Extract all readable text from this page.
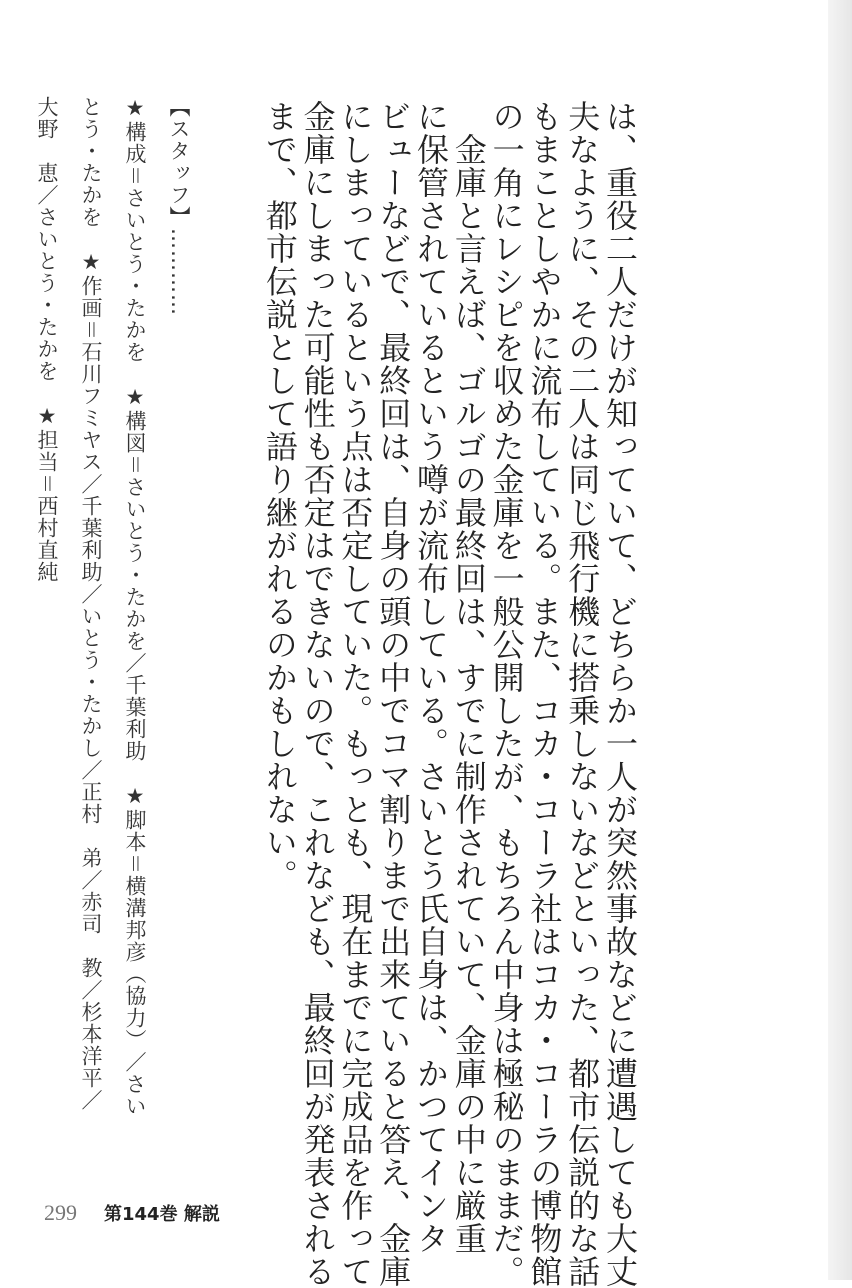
は、重役二人だけが知っていて、どちらか一人が突然事故などに遭遇しても大丈
夫なように、その二人は同じ飛行機に搭乗しないなどといった、都市伝説的な話
もまことしやかに流布している。また、コカ・コーラ社はコカ・コーラの博物館
の一角にレシピを収めた金庫を一般公開したが、もちろん中身は極秘のままだ。
　金庫と言えば、ゴルゴの最終回は、すでに制作されていて、金庫の中に厳重
に保管されているという噂が流布している。さいとう氏自身は、かつてインタ
ビューなどで、最終回は、自身の頭の中でコマ割りまで出来ていると答え、金庫
にしまっているという点は否定していた。もっとも、現在までに完成品を作って
金庫にしまった可能性も否定はできないので、これなども、最終回が発表される
まで、都市伝説として語り継がれるのかもしれない。
【スタッフ】…………
★構成＝さいとう・たかを　★構図＝さいとう・たかを／千葉利助　★脚本＝横溝邦彦（協力）／さい
とう・たかを　★作画＝石川フミヤス／千葉利助／いとう・たかし／正村　弟／赤司　教／杉本洋平／
大野　恵／さいとう・たかを　★担当＝西村直純
299 第144巻 解説
